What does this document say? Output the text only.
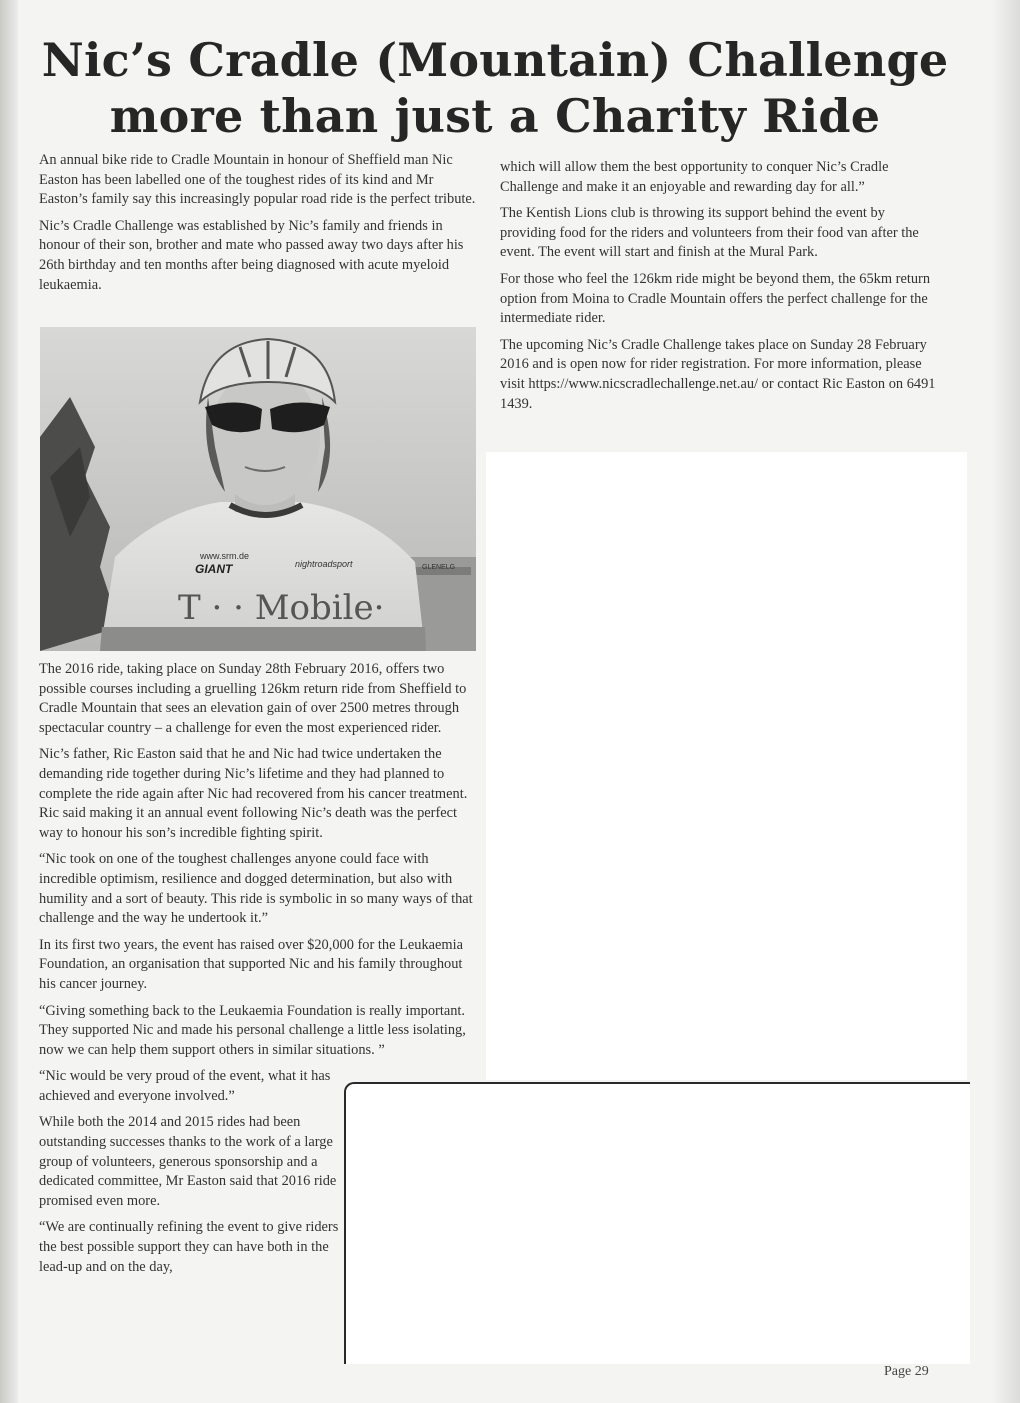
Nic’s Cradle (Mountain) Challenge
more than just a Charity Ride

An annual bike ride to Cradle Mountain in honour of Sheffield man Nic Easton has been labelled one of the toughest rides of its kind and Mr Easton’s family say this increasingly popular road ride is the perfect tribute.

Nic’s Cradle Challenge was established by Nic’s family and friends in honour of their son, brother and mate who passed away two days after his 26th birthday and ten months after being diagnosed with acute myeloid leukaemia.

GLENELG
www.srm.de
GIANT	nightroadsport
T · · Mobile·

The 2016 ride, taking place on Sunday 28th February 2016, offers two possible courses including a gruelling 126km return ride from Sheffield to Cradle Mountain that sees an elevation gain of over 2500 metres through spectacular country – a challenge for even the most experienced rider.

Nic’s father, Ric Easton said that he and Nic had twice undertaken the demanding ride together during Nic’s lifetime and they had planned to complete the ride again after Nic had recovered from his cancer treatment. Ric said making it an annual event following Nic’s death was the perfect way to honour his son’s incredible fighting spirit.

“Nic took on one of the toughest challenges anyone could face with incredible optimism, resilience and dogged determination, but also with humility and a sort of beauty. This ride is symbolic in so many ways of that challenge and the way he undertook it.”

In its first two years, the event has raised over $20,000 for the Leukaemia Foundation, an organisation that supported Nic and his family throughout his cancer journey.

“Giving something back to the Leukaemia Foundation is really important. They supported Nic and made his personal challenge a little less isolating, now we can help them support others in similar situations. ”

“Nic would be very proud of the event, what it has achieved and everyone involved.”

While both the 2014 and 2015 rides had been outstanding successes thanks to the work of a large group of volunteers, generous sponsorship and a dedicated committee, Mr Easton said that 2016 ride promised even more.

“We are continually refining the event to give riders the best possible support they can have both in the lead-up and on the day,

which will allow them the best opportunity to conquer Nic’s Cradle Challenge and make it an enjoyable and rewarding day for all.”

The Kentish Lions club is throwing its support behind the event by providing food for the riders and volunteers from their food van after the event. The event will start and finish at the Mural Park.

For those who feel the 126km ride might be beyond them, the 65km return option from Moina to Cradle Mountain offers the perfect challenge for the intermediate rider.

The upcoming Nic’s Cradle Challenge takes place on Sunday 28 February 2016 and is open now for rider registration. For more information, please visit https://www.nicscradlechallenge.net.au/ or contact Ric Easton on 6491 1439.

Page 29
